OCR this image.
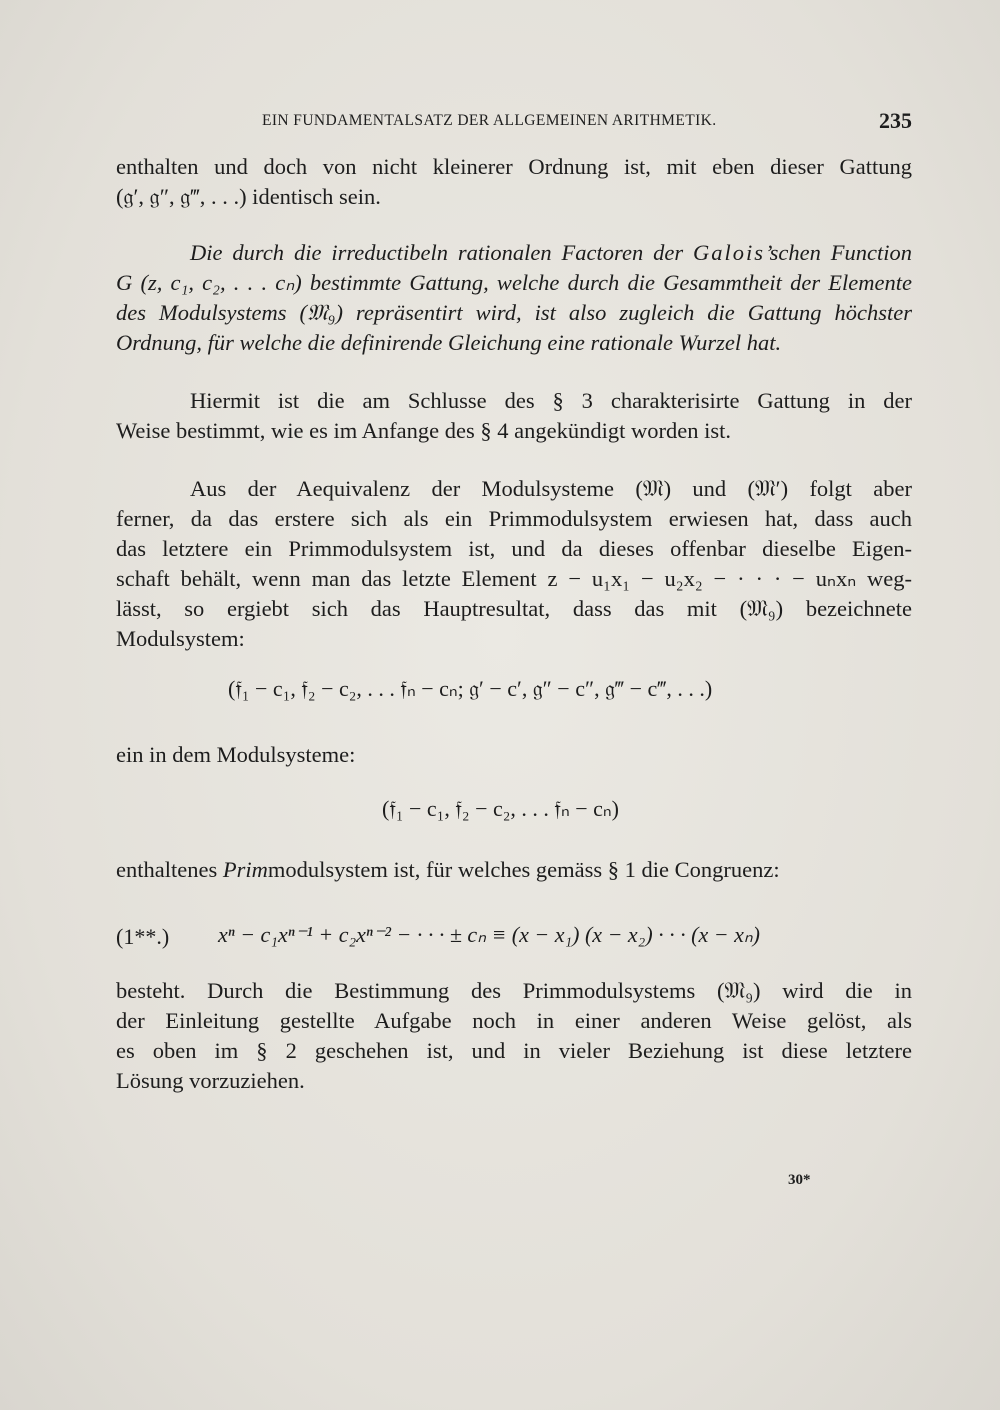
EIN FUNDAMENTALSATZ DER ALLGEMEINEN ARITHMETIK.	235
enthalten und doch von nicht kleinerer Ordnung ist, mit eben dieser Gattung
(𝔤′, 𝔤″, 𝔤‴, . . .) identisch sein.
Die durch die irreductibeln rationalen Factoren der Galois’schen Function
G (z, c₁, c₂, . . . cₙ) bestimmte Gattung, welche durch die Gesammtheit der Elemente
des Modulsystems (𝔐₉) repräsentirt wird, ist also zugleich die Gattung höchster
Ordnung, für welche die definirende Gleichung eine rationale Wurzel hat.
Hiermit ist die am Schlusse des § 3 charakterisirte Gattung in der
Weise bestimmt, wie es im Anfange des § 4 angekündigt worden ist.
Aus der Aequivalenz der Modulsysteme (𝔐) und (𝔐′) folgt aber
ferner, da das erstere sich als ein Primmodulsystem erwiesen hat, dass auch
das letztere ein Primmodulsystem ist, und da dieses offenbar dieselbe Eigen-
schaft behält, wenn man das letzte Element z − u₁x₁ − u₂x₂ − · · · − uₙxₙ weg-
lässt, so ergiebt sich das Hauptresultat, dass das mit (𝔐₉) bezeichnete
Modulsystem:
(𝔣₁ − c₁, 𝔣₂ − c₂, . . . 𝔣ₙ − cₙ; 𝔤′ − c′, 𝔤″ − c″, 𝔤‴ − c‴, . . .)
ein in dem Modulsysteme:
(𝔣₁ − c₁, 𝔣₂ − c₂, . . . 𝔣ₙ − cₙ)
enthaltenes Primmodulsystem ist, für welches gemäss § 1 die Congruenz:
(1**.) xⁿ − c₁xⁿ⁻¹ + c₂xⁿ⁻² − · · · ± cₙ ≡ (x − x₁) (x − x₂) · · · (x − xₙ)
besteht. Durch die Bestimmung des Primmodulsystems (𝔐₉) wird die in
der Einleitung gestellte Aufgabe noch in einer anderen Weise gelöst, als
es oben im § 2 geschehen ist, und in vieler Beziehung ist diese letztere
Lösung vorzuziehen.
30*
